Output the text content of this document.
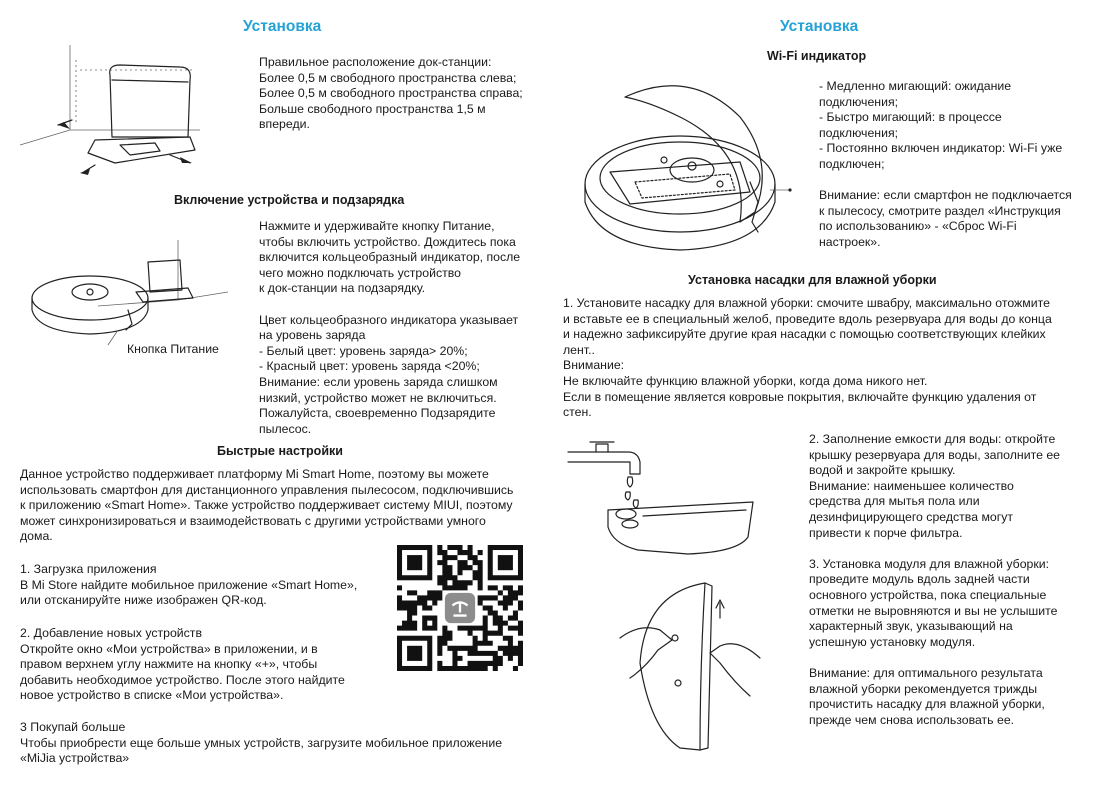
Установка
Правильное расположение док-станции:
Более 0,5 м свободного пространства слева;
Более 0,5 м свободного пространства справа;
Больше свободного пространства 1,5 м
впереди.
Включение устройства и подзарядка
Кнопка Питание
Нажмите и удерживайте кнопку Питание,
чтобы включить устройство. Дождитесь пока
включится кольцеобразный индикатор, после
чего можно подключать устройство
к док-станции на подзарядку.
Цвет кольцеобразного индикатора указывает
на уровень заряда
- Белый цвет: уровень заряда> 20%;
- Красный цвет: уровень заряда <20%;
Внимание: если уровень заряда слишком
низкий, устройство может не включиться.
Пожалуйста, своевременно Подзарядите
пылесос.
Быстрые настройки
Данное устройство поддерживает платформу Mi Smart Home, поэтому вы можете
использовать смартфон для дистанционного управления пылесосом, подключившись
к приложению «Smart Home». Также устройство поддерживает систему MIUI, поэтому
может синхронизироваться и взаимодействовать с другими устройствами умного
дома.
1. Загрузка приложения
В Mi Store найдите мобильное приложение «Smart Home»,
или отсканируйте ниже изображен QR-код.
2. Добавление новых устройств
Откройте окно «Мои устройства» в приложении, и в
правом верхнем углу нажмите на кнопку «+», чтобы
добавить необходимое устройство. После этого найдите
новое устройство в списке «Мои устройства».
3 Покупай больше
Чтобы приобрести еще больше умных устройств, загрузите мобильное приложение
«MiJia устройства»
Установка
Wi-Fi индикатор
- Медленно мигающий: ожидание
подключения;
- Быстро мигающий: в процессе
подключения;
- Постоянно включен индикатор: Wi-Fi уже
подключен;
Внимание: если смартфон не подключается
к пылесосу, смотрите раздел «Инструкция
по использованию» - «Сброс Wi-Fi
настроек».
Установка насадки для влажной уборки
1. Установите насадку для влажной уборки: смочите швабру, максимально отожмите
и вставьте ее в специальный желоб, проведите вдоль резервуара для воды до конца
и надежно зафиксируйте другие края насадки с помощью соответствующих клейких
лент..
Внимание:
Не включайте функцию влажной уборки, когда дома никого нет.
Если в помещение является ковровые покрытия, включайте функцию удаления от
стен.
2. Заполнение емкости для воды: откройте
крышку резервуара для воды, заполните ее
водой и закройте крышку.
Внимание: наименьшее количество
средства для мытья пола или
дезинфицирующего средства могут
привести к порче фильтра.
3. Установка модуля для влажной уборки:
проведите модуль вдоль задней части
основного устройства, пока специальные
отметки не выровняются и вы не услышите
характерный звук, указывающий на
успешную установку модуля.
Внимание: для оптимального результата
влажной уборки рекомендуется трижды
прочистить насадку для влажной уборки,
прежде чем снова использовать ее.
